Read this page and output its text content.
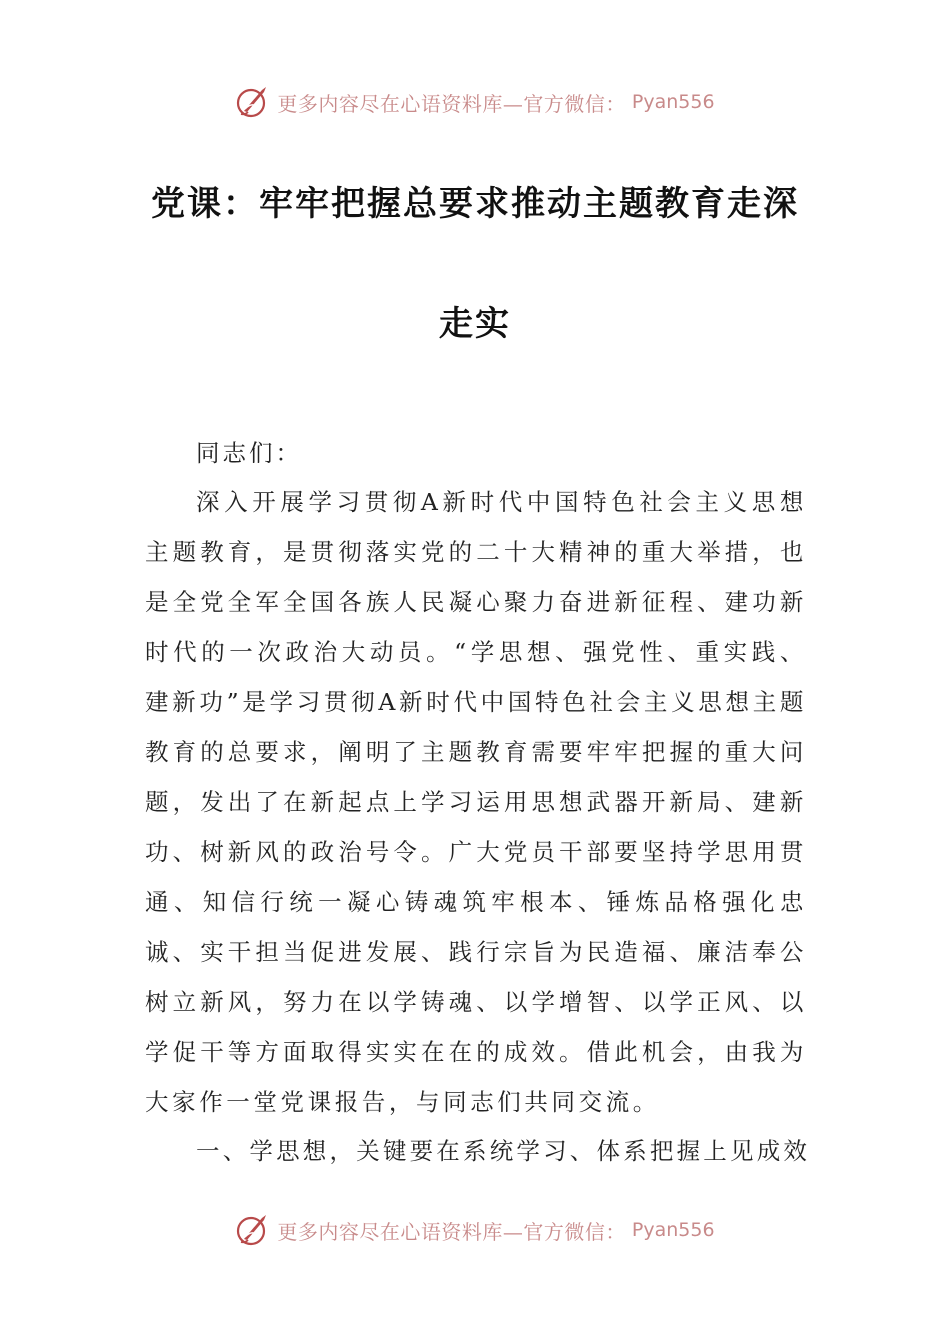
更多内容尽在心语资料库—官方微信： Pyan556
党课：牢牢把握总要求推动主题教育走深
走实
同志们：
深入开展学习贯彻A新时代中国特色社会主义思想主题教育，是贯彻落实党的二十大精神的重大举措，也是全党全军全国各族人民凝心聚力奋进新征程、建功新时代的一次政治大动员。“学思想、强党性、重实践、建新功”是学习贯彻A新时代中国特色社会主义思想主题教育的总要求，阐明了主题教育需要牢牢把握的重大问题，发出了在新起点上学习运用思想武器开新局、建新功、树新风的政治号令。广大党员干部要坚持学思用贯通、知信行统一凝心铸魂筑牢根本、锤炼品格强化忠诚、实干担当促进发展、践行宗旨为民造福、廉洁奉公树立新风，努力在以学铸魂、以学增智、以学正风、以学促干等方面取得实实在在的成效。借此机会，由我为大家作一堂党课报告，与同志们共同交流。
一、学思想，关键要在系统学习、体系把握上见成效
更多内容尽在心语资料库—官方微信： Pyan556
